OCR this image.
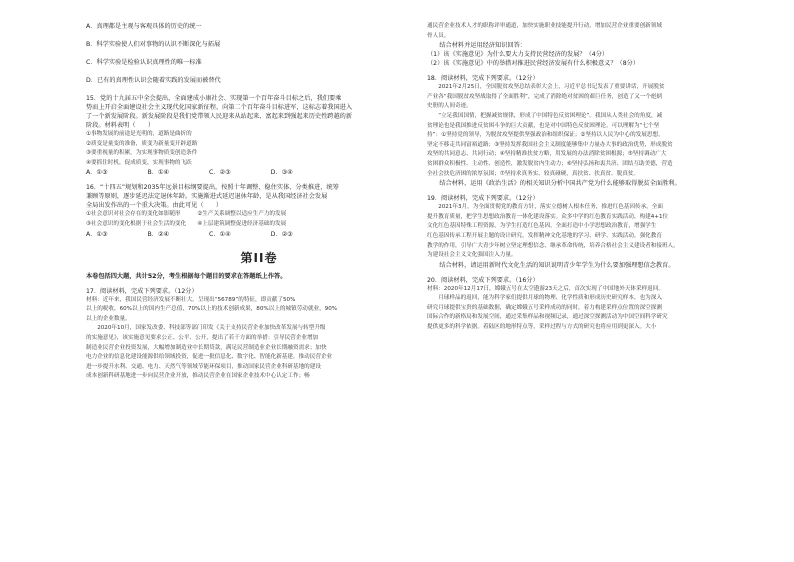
A．真理都是主观与客观具体的历史的统一

B．科学实验使人们对事物的认识不断深化与拓展

C．科学实验是检验认识真理性的唯一标准

D．已有的真理性认识会随着实践的发展而被替代

15．党的十九届五中全会提出，全面建成小康社会、实现第一个百年奋斗目标之后，我们要乘

势而上开启全面建设社会主义现代化国家新征程、向第二个百年奋斗目标进军，这标志着我国进入

了一个新发展阶段。新发展阶段是我们党带领人民迎来从站起来、富起来到强起来历史性跨越的新

阶段。材料表明（　　）

①事物发展的前途是光明的，道路是曲折的

②质变是量变的准备，质变为新量变开辟道路

③要重视量的积累，为实现事物质变创造条件

④要抓住时机，促成质变，实现事物的飞跃

A．①③	B．①④	C．②③	D．③④

16．“十四五”规划和2035年远景目标纲要提出，按照十年调整、稳住实体、分类推进、统筹

兼顾等原则，逐步延迟法定退休年龄。实施渐进式延迟退休年龄，是从我国经济社会发展

全局出发作出的一个重大决策。由此可见（　　）

①社会意识对社会存在的变化如影随形　　　②生产关系调整以适应生产力的发展

③社会意识的变化根据于社会生活的变化　　④上层建筑调整促进经济基础的发展

A．①③	B．②④	C．①④	D．②③
第II卷

本卷包括四大题，共计52分，考生根据每个题目的要求在答题纸上作答。

17．阅读材料，完成下列要求。（12分）

材料：近年来，我国民营经济发展不断壮大。呈现出“56789”的特征，即贡献了50%

以上的税收，60%以上的国内生产总值，70%以上的技术创新成果，80%以上的城镇劳动就业，90%

以上的企业数量。

　　2020年10月，国家发改委、科技部等部门印发《关于支持民营企业加快改革发展与转型升级

的实施意见》，该实施意见要求公正、公平、公开，提出了若干方面的举措：引导民营企业增加

制造业民营企业投资发展，大幅增加制造业中长期贷款，满足民营制造业企业长期融资需求；加快

电力企业的信息化建设能源供给领域投资，促进一批信息化、数字化、智能化新基建，推动民营企业

进一步提升水利、交通、电力、天然气等领域节能环保项目，推动国家民营企业科研基地的建设

成本创新科研基地进一步向民营企业开放，推动民营企业在国家企业技术中心认定工作；畅

通民营企业技术人才的职称评审通道，加快实施职业技能提升行动，增加民营企业重要创新领域

骨人员。

　　结合材料并运用经济知识回答：

（1）该《实施意见》为什么要大力支持民营经济的发展？（4分）

（2）该《实施意见》中的举措对推进民营经济发展有什么积极意义？（8分）

18．阅读材料，完成下列要求。（12分）

　　2021年2月25日，全国脱贫攻坚总结表彰大会上，习近平总书记发表了重要讲话，开展脱贫

产业各“我国脱贫攻坚战取得了全面胜利”，完成了消除绝对贫困的艰巨任务，创造了又一个彪炳

史册的人间奇迹。

　　“立足我国国情，把握减贫规律，形成了中国特色反贫困理论”。我国从人类社会的角度，减

贫理论也是我国推进反贫困斗争的巨大贡献，也是对中国特色反贫困理论。可以理解为“七个坚

持”：①坚持党的领导，为脱贫攻坚提供坚强政治和组织保证；②坚持以人民为中心的发展思想，

坚定不移走共同富裕道路；③坚持发挥我国社会主义制度能够集中力量办大事的政治优势，形成脱贫

攻坚的共同意志、共同行动；④坚持精准扶贫方略，用发展的办法消除贫困根源；⑤坚持调动广大

贫困群众积极性、主动性、创造性，激发脱贫内生动力；⑥坚持弘扬和衷共济、团结互助美德，营造

全社会扶危济困的浓厚氛围；⑦坚持求真务实、较真碰硬，真扶贫、扶真贫、脱真贫。

　　结合材料，运用《政治生活》的相关知识分析中国共产党为什么能够取得脱贫全面胜利。

19．阅读材料，完成下列要求。（12分）

　　2021年3月，为全面贯彻党的教育方针，落实立德树人根本任务，推进红色基因传承，全面

提升教育质量，把学生思想政治教育一体化建设落实。众多中学的红色教育实践活动，构建4+1位

文化红色基因特殊工程资源，为学生打造红色基因，全面打造中小学思想政治教育，增强学生

红色基因传承工程开展主题的设计研究，发挥精神文化基地的学习、研学、实践活动，强化教育

教学的作用，引导广大青少年树立坚定理想信念、继承革命传统，培养合格社会主义建设者和接班人，

为建设社会主义文化强国注入力量。

　　结合材料，请运用新时代文化生活的知识说明青少年学生为什么要加强理想信念教育。

20．阅读材料，完成下列要求。（16分）

材料：2020年12月17日，嫦娥五号在太空遨游23天之后，首次实现了中国地外天体采样返回。

　　月球样品的返回，能为科学家们提供月球的物理、化学性质和形成历史研究样本，也为深入

研究月球提供宝贵的基础数据，确定嫦娥五号采样成功的同时，着力构建采样点位置的深空探测

国际合作的新格局和发展空间，通过采集样品和视频记录，通过深空探测活动为中国空间科学研究

提供更多的科学依据。着陆区的地形特点等，采样过程与方式的研究也将应用到更深入。大小
